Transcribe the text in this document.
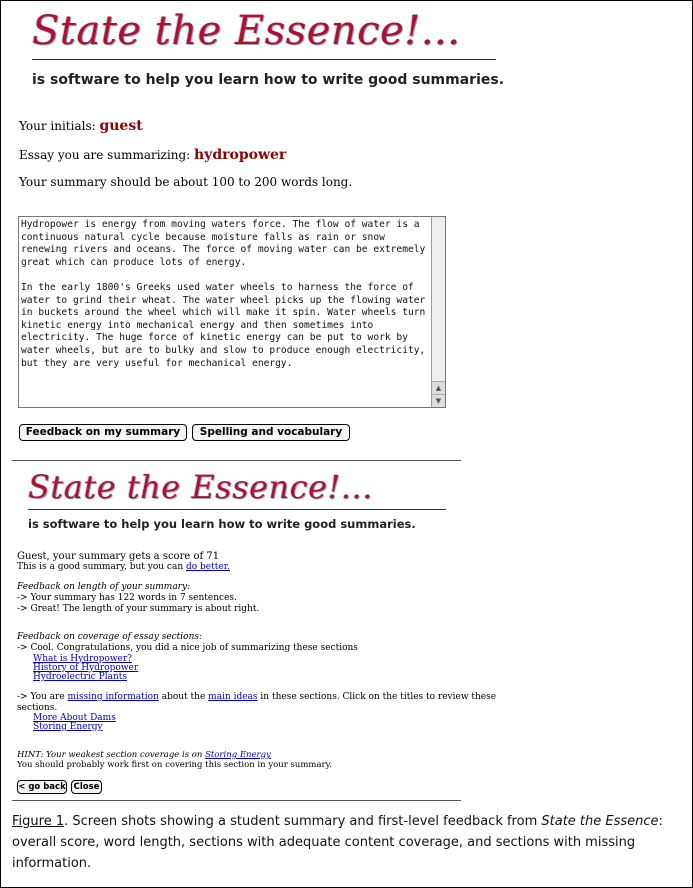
State the Essence!...
is software to help you learn how to write good summaries.
Your initials: guest
Essay you are summarizing: hydropower
Your summary should be about 100 to 200 words long.
Hydropower is energy from moving waters force. The flow of water is a
continuous natural cycle because moisture falls as rain or snow
renewing rivers and oceans. The force of moving water can be extremely
great which can produce lots of energy.

In the early 1800's Greeks used water wheels to harness the force of
water to grind their wheat. The water wheel picks up the flowing water
in buckets around the wheel which will make it spin. Water wheels turn
kinetic energy into mechanical energy and then sometimes into
electricity. The huge force of kinetic energy can be put to work by
water wheels, but are to bulky and slow to produce enough electricity,
but they are very useful for mechanical energy.
▲
▼
Feedback on my summary	Spelling and vocabulary
State the Essence!...
is software to help you learn how to write good summaries.
Guest, your summary gets a score of 71
This is a good summary, but you can do better.
Feedback on length of your summary:
-> Your summary has 122 words in 7 sentences.
-> Great! The length of your summary is about right.
Feedback on coverage of essay sections:
-> Cool. Congratulations, you did a nice job of summarizing these sections
What is Hydropower?
History of Hydropower
Hydroelectric Plants
-> You are missing information about the main ideas in these sections. Click on the titles to review these
sections.
More About Dams
Storing Energy
HINT: Your weakest section coverage is on Storing Energy
You should probably work first on covering this section in your summary.
< go back Close
Figure 1. Screen shots showing a student summary and first-level feedback from State the Essence: overall score, word length, sections with adequate content coverage, and sections with missing information.
